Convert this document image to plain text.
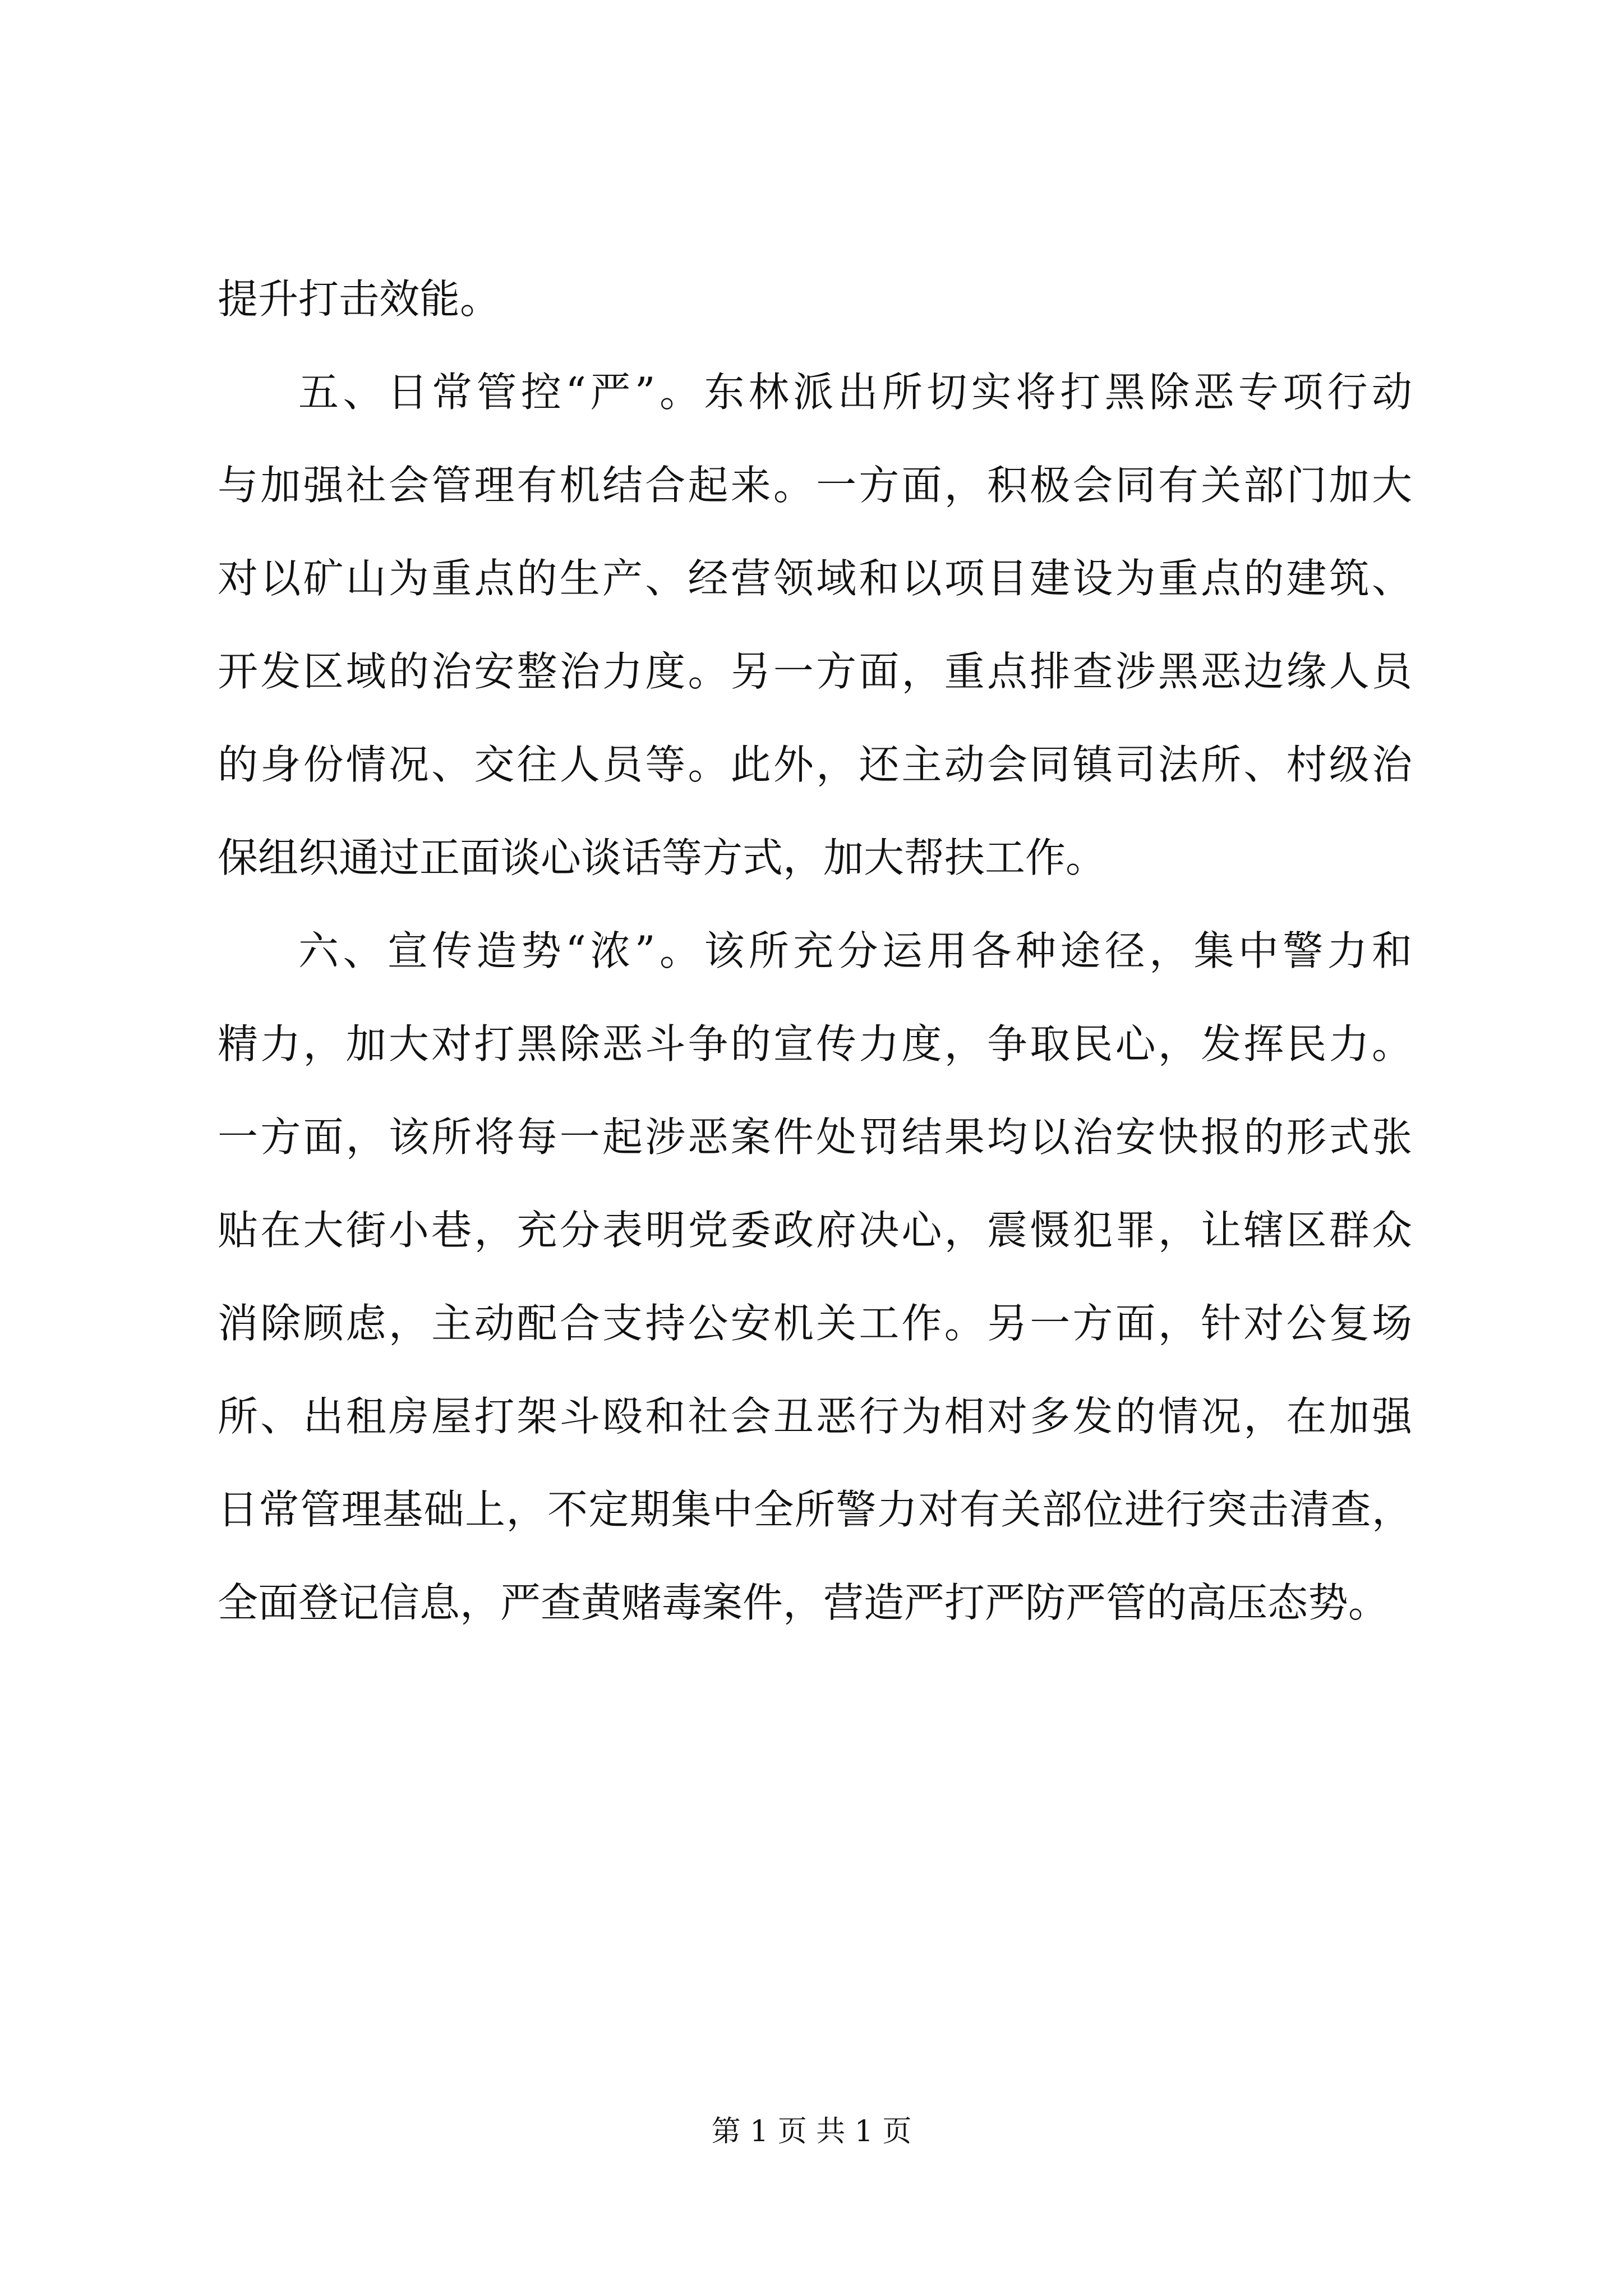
提升打击效能。
五、日常管控“严”。东林派出所切实将打黑除恶专项行动
与加强社会管理有机结合起来。一方面，积极会同有关部门加大
对以矿山为重点的生产、经营领域和以项目建设为重点的建筑、
开发区域的治安整治力度。另一方面，重点排查涉黑恶边缘人员
的身份情况、交往人员等。此外，还主动会同镇司法所、村级治
保组织通过正面谈心谈话等方式，加大帮扶工作。
六、宣传造势“浓”。该所充分运用各种途径，集中警力和
精力，加大对打黑除恶斗争的宣传力度，争取民心，发挥民力。
一方面，该所将每一起涉恶案件处罚结果均以治安快报的形式张
贴在大街小巷，充分表明党委政府决心，震慑犯罪，让辖区群众
消除顾虑，主动配合支持公安机关工作。另一方面，针对公复场
所、出租房屋打架斗殴和社会丑恶行为相对多发的情况，在加强
日常管理基础上，不定期集中全所警力对有关部位进行突击清查，
全面登记信息，严查黄赌毒案件，营造严打严防严管的高压态势。
第 1 页 共 1 页
